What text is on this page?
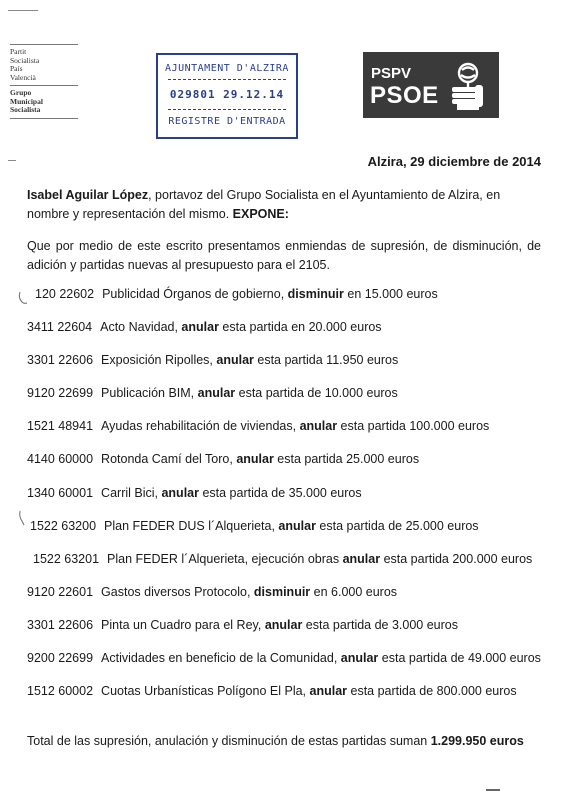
Partit
Socialista
País
Valencià
Grupo
Municipal
Socialista
AJUNTAMENT D'ALZIRA
029801 29.12.14
REGISTRE D'ENTRADA
PSPV
PSOE
Alzira, 29 diciembre de 2014
Isabel Aguilar López, portavoz del Grupo Socialista en el Ayuntamiento de Alzira, en nombre y representación del mismo. EXPONE:
Que por medio de este escrito presentamos enmiendas de supresión, de disminución, de adición y partidas nuevas al presupuesto para el 2105.
120 22602 Publicidad Órganos de gobierno, disminuir en 15.000 euros
3411 22604 Acto Navidad, anular esta partida en 20.000 euros
3301 22606 Exposición Ripolles, anular esta partida 11.950 euros
9120 22699 Publicación BIM, anular esta partida de 10.000 euros
1521 48941 Ayudas rehabilitación de viviendas, anular esta partida 100.000 euros
4140 60000 Rotonda Camí del Toro, anular esta partida 25.000 euros
1340 60001 Carril Bici, anular esta partida de 35.000 euros
1522 63200 Plan FEDER DUS l´Alquerieta, anular esta partida de 25.000 euros
1522 63201 Plan FEDER l´Alquerieta, ejecución obras anular esta partida 200.000 euros
9120 22601 Gastos diversos Protocolo, disminuir en 6.000 euros
3301 22606 Pinta un Cuadro para el Rey, anular esta partida de 3.000 euros
9200 22699 Actividades en beneficio de la Comunidad, anular esta partida de 49.000 euros
1512 60002 Cuotas Urbanísticas Polígono El Pla, anular esta partida de 800.000 euros
Total de las supresión, anulación y disminución de estas partidas suman 1.299.950 euros
